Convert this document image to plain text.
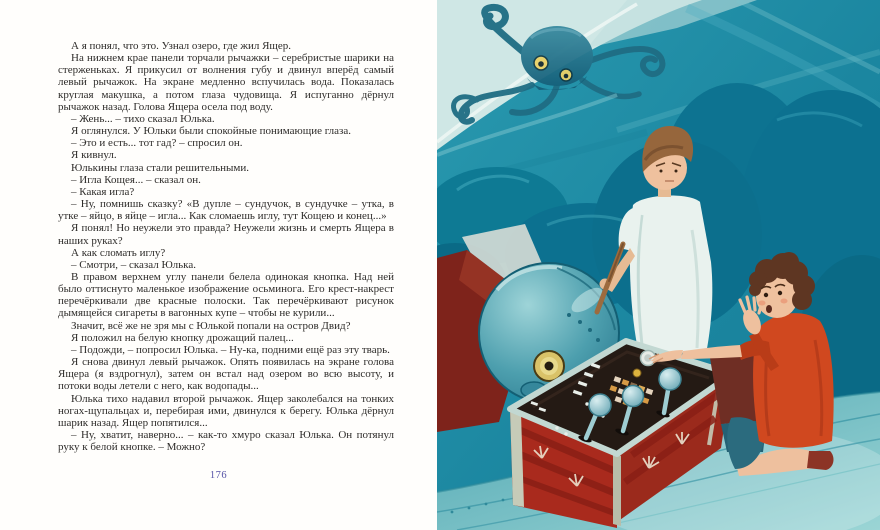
А я понял, что это. Узнал озеро, где жил Ящер.

На нижнем крае панели торчали рычажки – серебристые шарики на стерженьках. Я прикусил от волнения губу и двинул вперёд самый левый рычажок. На экране медленно вспучилась вода. Показалась круглая макушка, а потом глаза чудовища. Я испуганно дёрнул рычажок назад. Голова Ящера осела под воду.

– Жень... – тихо сказал Юлька.

Я оглянулся. У Юльки были спокойные понимающие глаза.

– Это и есть... тот гад? – спросил он.

Я кивнул.

Юлькины глаза стали решительными.

– Игла Кощея... – сказал он.

– Какая игла?

– Ну, помнишь сказку? «В дупле – сундучок, в сундучке – утка, в утке – яйцо, в яйце – игла... Как сломаешь иглу, тут Кощею и конец...»

Я понял! Но неужели это правда? Неужели жизнь и смерть Ящера в наших руках?

А как сломать иглу?

– Смотри, – сказал Юлька.

В правом верхнем углу панели белела одинокая кнопка. Над ней было оттиснуто маленькое изображение осьминога. Его крест-накрест перечёркивали две красные полоски. Так перечёркивают рисунок дымящейся сигареты в вагонных купе – чтобы не курили...

Значит, всё же не зря мы с Юлькой попали на остров Двид?

Я положил на белую кнопку дрожащий палец...

– Подожди, – попросил Юлька. – Ну-ка, подними ещё раз эту тварь.

Я снова двинул левый рычажок. Опять появилась на экране голова Ящера (я вздрогнул), затем он встал над озером во всю высоту, и потоки воды летели с него, как водопады...

Юлька тихо надавил второй рычажок. Ящер заколебался на тонких ногах-щупальцах и, перебирая ими, двинулся к берегу. Юлька дёрнул шарик назад. Ящер попятился...

– Ну, хватит, наверно... – как-то хмуро сказал Юлька. Он потянул руку к белой кнопке. – Можно?

176
